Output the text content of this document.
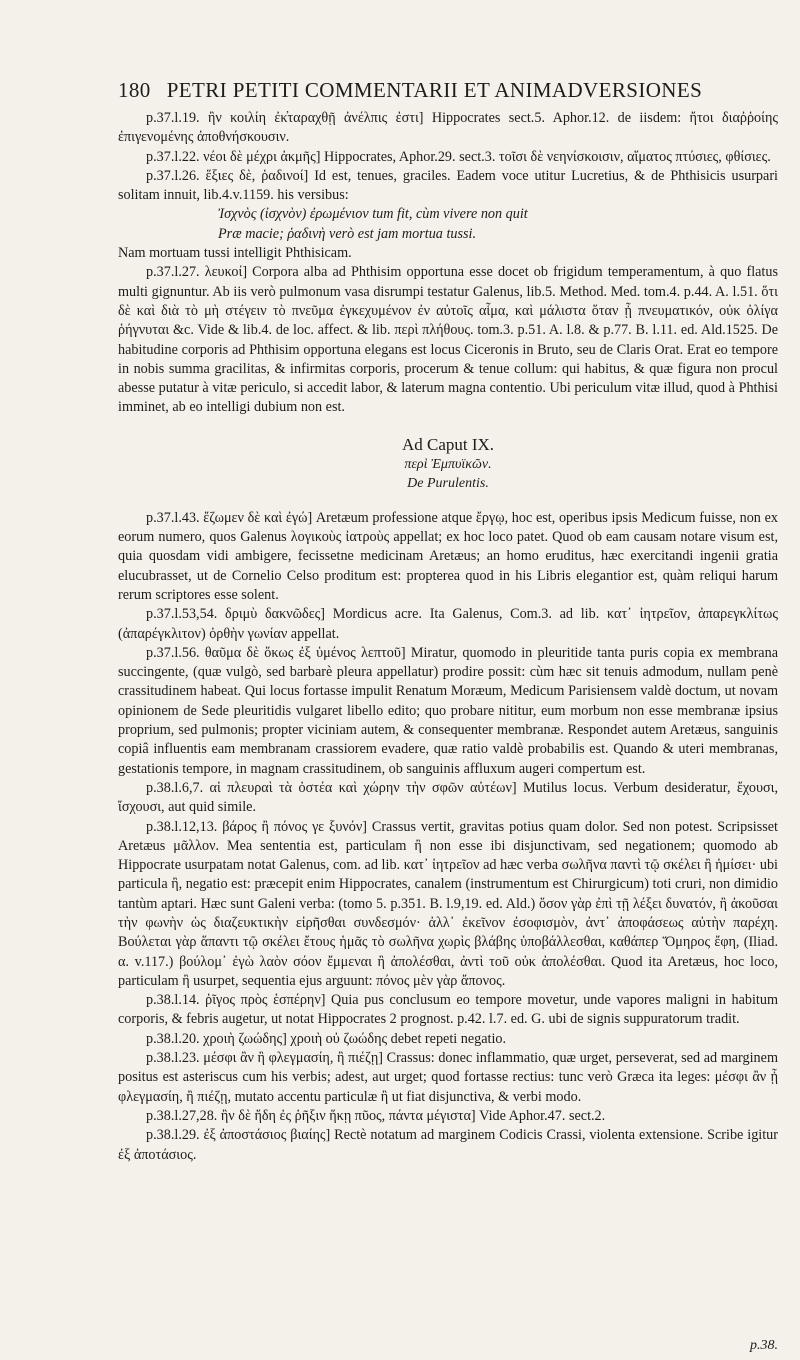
180 PETRI PETITI COMMENTARII ET ANIMADVERSIONES

p.37.l.19. ἢν κοιλίη ἐκ̓ταραχθῇ ἀνέλπις ἐστι] Hippocrates sect.5. Aphor.12. de iisdem: ἤτοι διαῤῥοίης ἐπιγενομένης ἀποθνήσκουσιν.

p.37.l.22. νέοι δὲ μέχρι ἀκμῆς] Hippocrates, Aphor.29. sect.3. τοῖσι δὲ νεηνίσκοισιν, αἵματος πτύσιες, φθίσιες.

p.37.l.26. ἕξιες δὲ, ῥαδινοί] Id est, tenues, graciles. Eadem voce utitur Lucretius, & de Phthisicis usurpari solitam innuit, lib.4.v.1159. his versibus:

Ἰσχνὸς (ἰσχνὸν) ἐρωμένιον tum fit, cùm vivere non quit

Præ macie; ῥαδινὴ verò est jam mortua tussi.

Nam mortuam tussi intelligit Phthisicam.

p.37.l.27. λευκοί] Corpora alba ad Phthisim opportuna esse docet ob frigidum temperamentum, à quo flatus multi gignuntur. Ab iis verò pulmonum vasa disrumpi testatur Galenus, lib.5. Method. Med. tom.4. p.44. A. l.51. ὅτι δὲ καὶ διὰ τὸ μὴ στέγειν τὸ πνεῦμα ἐγκεχυμένον ἐν αὐτοῖς αἷμα, καὶ μάλιστα ὅταν ᾖ πνευματικόν, οὐκ ὀλίγα ῥήγνυται &c. Vide & lib.4. de loc. affect. & lib. περὶ πλήθους. tom.3. p.51. A. l.8. & p.77. B. l.11. ed. Ald.1525. De habitudine corporis ad Phthisim opportuna elegans est locus Ciceronis in Bruto, seu de Claris Orat. Erat eo tempore in nobis summa gracilitas, & infirmitas corporis, procerum & tenue collum: qui habitus, & quæ figura non procul abesse putatur à vitæ periculo, si accedit labor, & laterum magna contentio. Ubi periculum vitæ illud, quod à Phthisi imminet, ab eo intelligi dubium non est.

Ad Caput IX.
περὶ Ἐμπυϊκῶν.
De Purulentis.

p.37.l.43. ἔζωμεν δὲ καὶ ἐγώ] Aretæum professione atque ἔργῳ, hoc est, operibus ipsis Medicum fuisse, non ex eorum numero, quos Galenus λογικοὺς ἰατροὺς appellat; ex hoc loco patet. Quod ob eam causam notare visum est, quia quosdam vidi ambigere, fecissetne medicinam Aretæus; an homo eruditus, hæc exercitandi ingenii gratia elucubrasset, ut de Cornelio Celso proditum est: propterea quod in his Libris elegantior est, quàm reliqui harum rerum scriptores esse solent.

p.37.l.53,54. δριμὺ δακνῶδες] Mordicus acre. Ita Galenus, Com.3. ad lib. κατ᾽ ἰητρεῖον, ἀπαρεγκλίτως (ἀπαρέγκλιτον) ὀρθὴν γωνίαν appellat.

p.37.l.56. θαῦμα δὲ ὅκως ἐξ ὑμένος λεπτοῦ] Miratur, quomodo in pleuritide tanta puris copia ex membrana succingente, (quæ vulgò, sed barbarè pleura appellatur) prodire possit: cùm hæc sit tenuis admodum, nullam penè crassitudinem habeat. Qui locus fortasse impulit Renatum Moræum, Medicum Parisiensem valdè doctum, ut novam opinionem de Sede pleuritidis vulgaret libello edito; quo probare nititur, eum morbum non esse membranæ ipsius proprium, sed pulmonis; propter viciniam autem, & consequenter membranæ. Respondet autem Aretæus, sanguinis copiâ influentis eam membranam crassiorem evadere, quæ ratio valdè probabilis est. Quando & uteri membranas, gestationis tempore, in magnam crassitudinem, ob sanguinis affluxum augeri compertum est.

p.38.l.6,7. αἱ πλευραὶ τὰ ὀστέα καὶ χώρην τὴν σφῶν αὐτέων] Mutilus locus. Verbum desideratur, ἔχουσι, ἴσχουσι, aut quid simile.

p.38.l.12,13. βάρος ἢ πόνος γε ξυνόν] Crassus vertit, gravitas potius quam dolor. Sed non potest. Scripsisset Aretæus μᾶλλον. Mea sententia est, particulam ἢ non esse ibi disjunctivam, sed negationem; quomodo ab Hippocrate usurpatam notat Galenus, com. ad lib. κατ᾽ ἰητρεῖον ad hæc verba σωλῆνα παντὶ τῷ σκέλει ἢ ἡμίσει· ubi particula ἢ, negatio est: præcepit enim Hippocrates, canalem (instrumentum est Chirurgicum) toti cruri, non dimidio tantùm aptari. Hæc sunt Galeni verba: (tomo 5. p.351. B. l.9,19. ed. Ald.) ὅσον γὰρ ἐπὶ τῇ λέξει δυνατόν, ἢ ἀκοῦσαι τὴν φωνὴν ὡς διαζευκτικὴν εἰρῆσθαι συνδεσμόν· ἀλλ᾽ ἐκεῖνον ἐσοφισμὸν, ἀντ᾽ ἀποφάσεως αὐτὴν παρέχη. Βούλεται γὰρ ἅπαντι τῷ σκέλει ἔτους ἡμᾶς τὸ σωλῆνα χωρὶς βλάβης ὑποβάλλεσθαι, καθάπερ Ὅμηρος ἔφη, (Iliad. α. v.117.) βούλομ᾽ ἐγὼ λαὸν σόον ἔμμεναι ἢ ἀπολέσθαι, ἀντὶ τοῦ οὐκ ἀπολέσθαι. Quod ita Aretæus, hoc loco, particulam ἢ usurpet, sequentia ejus arguunt: πόνος μὲν γὰρ ἄπονος.

p.38.l.14. ῥῖγος πρὸς ἑσπέρην] Quia pus conclusum eo tempore movetur, unde vapores maligni in habitum corporis, & febris augetur, ut notat Hippocrates 2 prognost. p.42. l.7. ed. G. ubi de signis suppuratorum tradit.

p.38.l.20. χροιὴ ζωώδης] χροιὴ οὐ ζωώδης debet repeti negatio.

p.38.l.23. μέσφι ἂν ἢ φλεγμασίη, ἢ πιέζῃ] Crassus: donec inflammatio, quæ urget, perseverat, sed ad marginem positus est asteriscus cum his verbis; adest, aut urget; quod fortasse rectius: tunc verò Græca ita leges: μέσφι ἂν ᾖ φλεγμασίη, ἢ πιέζῃ, mutato accentu particulæ ἢ ut fiat disjunctiva, & verbi modo.

p.38.l.27,28. ἢν δὲ ἤδη ἐς ῥῆξιν ἥκῃ πῦος, πάντα μέγιστα] Vide Aphor.47. sect.2.

p.38.l.29. ἐξ ἀποστάσιος βιαίης] Rectè notatum ad marginem Codicis Crassi, violenta extensione. Scribe igitur ἐξ ἀποτάσιος.

p.38.
